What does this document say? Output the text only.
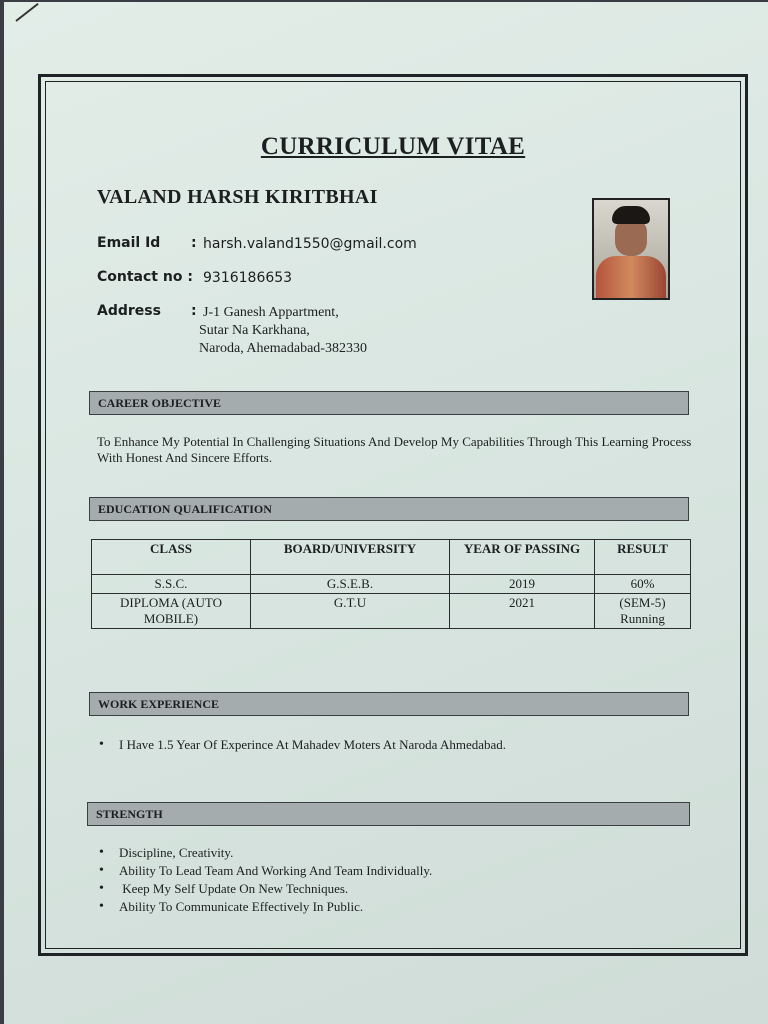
CURRICULUM VITAE
VALAND HARSH KIRITBHAI
Email Id : harsh.valand1550@gmail.com
Contact no : 9316186653
Address : J-1 Ganesh Appartment,
Sutar Na Karkhana,
Naroda, Ahemadabad-382330
CAREER OBJECTIVE
To Enhance My Potential In Challenging Situations And Develop My Capabilities Through This Learning Process With Honest And Sincere Efforts.
EDUCATION QUALIFICATION
CLASS	BOARD/UNIVERSITY	YEAR OF PASSING	RESULT
S.S.C.	G.S.E.B.	2019	60%
DIPLOMA (AUTO MOBILE)	G.T.U	2021	(SEM-5) Running
WORK EXPERIENCE
• I Have 1.5 Year Of Experince At Mahadev Moters At Naroda Ahmedabad.
STRENGTH
• Discipline, Creativity.
• Ability To Lead Team And Working And Team Individually.
•  Keep My Self Update On New Techniques.
• Ability To Communicate Effectively In Public.
